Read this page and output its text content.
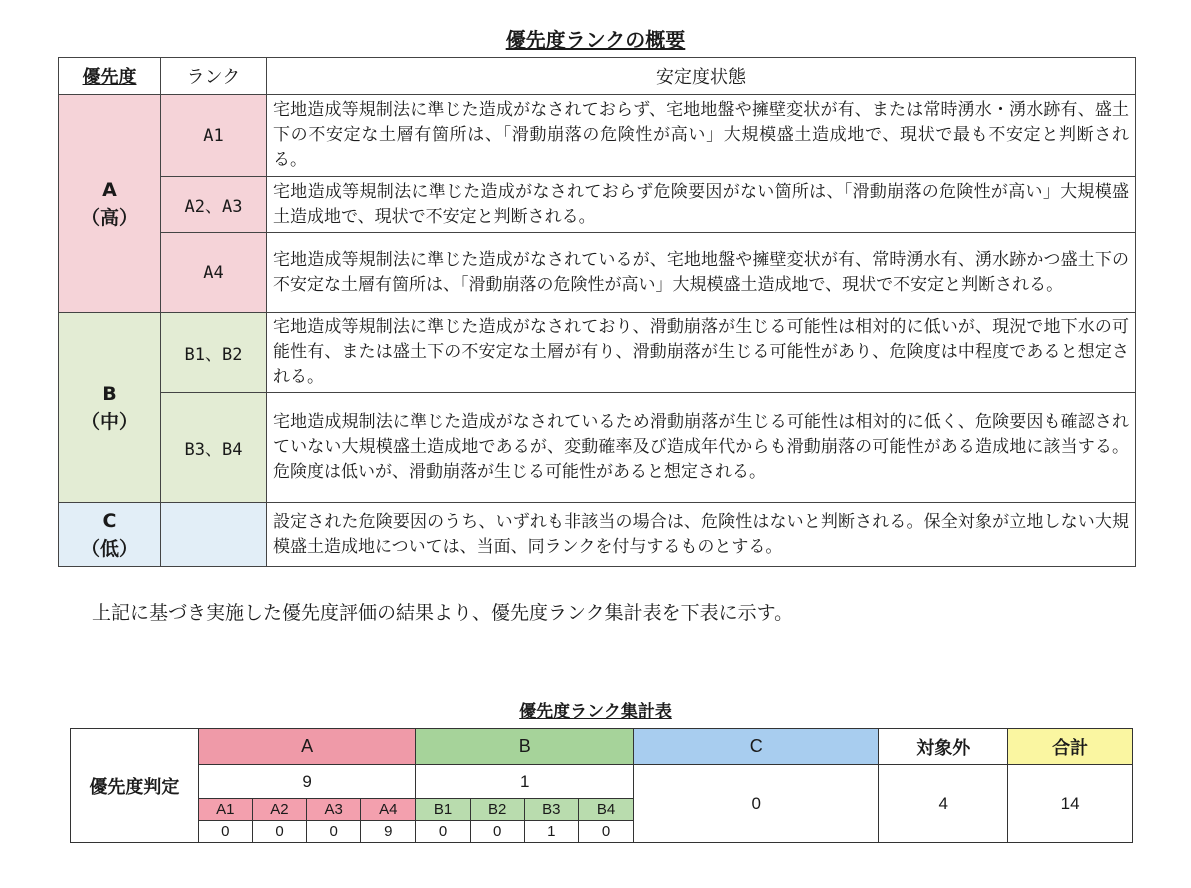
優先度ランクの概要
優先度	ランク	安定度状態

A
（高）	A1	宅地造成等規制法に準じた造成がなされておらず、宅地地盤や擁壁変状が有、または常時湧水・湧水跡有、盛土下の不安定な土層有箇所は、「滑動崩落の危険性が高い」大規模盛土造成地で、現状で最も不安定と判断される。
	A2、A3	宅地造成等規制法に準じた造成がなされておらず危険要因がない箇所は、「滑動崩落の危険性が高い」大規模盛土造成地で、現状で不安定と判断される。
	A4	宅地造成等規制法に準じた造成がなされているが、宅地地盤や擁壁変状が有、常時湧水有、湧水跡かつ盛土下の不安定な土層有箇所は、「滑動崩落の危険性が高い」大規模盛土造成地で、現状で不安定と判断される。

B
（中）	B1、B2	宅地造成等規制法に準じた造成がなされており、滑動崩落が生じる可能性は相対的に低いが、現況で地下水の可能性有、または盛土下の不安定な土層が有り、滑動崩落が生じる可能性があり、危険度は中程度であると想定される。
	B3、B4	宅地造成規制法に準じた造成がなされているため滑動崩落が生じる可能性は相対的に低く、危険要因も確認されていない大規模盛土造成地であるが、変動確率及び造成年代からも滑動崩落の可能性がある造成地に該当する。危険度は低いが、滑動崩落が生じる可能性があると想定される。

C
（低）		設定された危険要因のうち、いずれも非該当の場合は、危険性はないと判断される。保全対象が立地しない大規模盛土造成地については、当面、同ランクを付与するものとする。
上記に基づき実施した優先度評価の結果より、優先度ランク集計表を下表に示す。
優先度ランク集計表
優先度判定	A				B				C	対象外	合計
	9				1				0	4	14
	A1	A2	A3	A4	B1	B2	B3	B4			
	0	0	0	9	0	0	1	0			
